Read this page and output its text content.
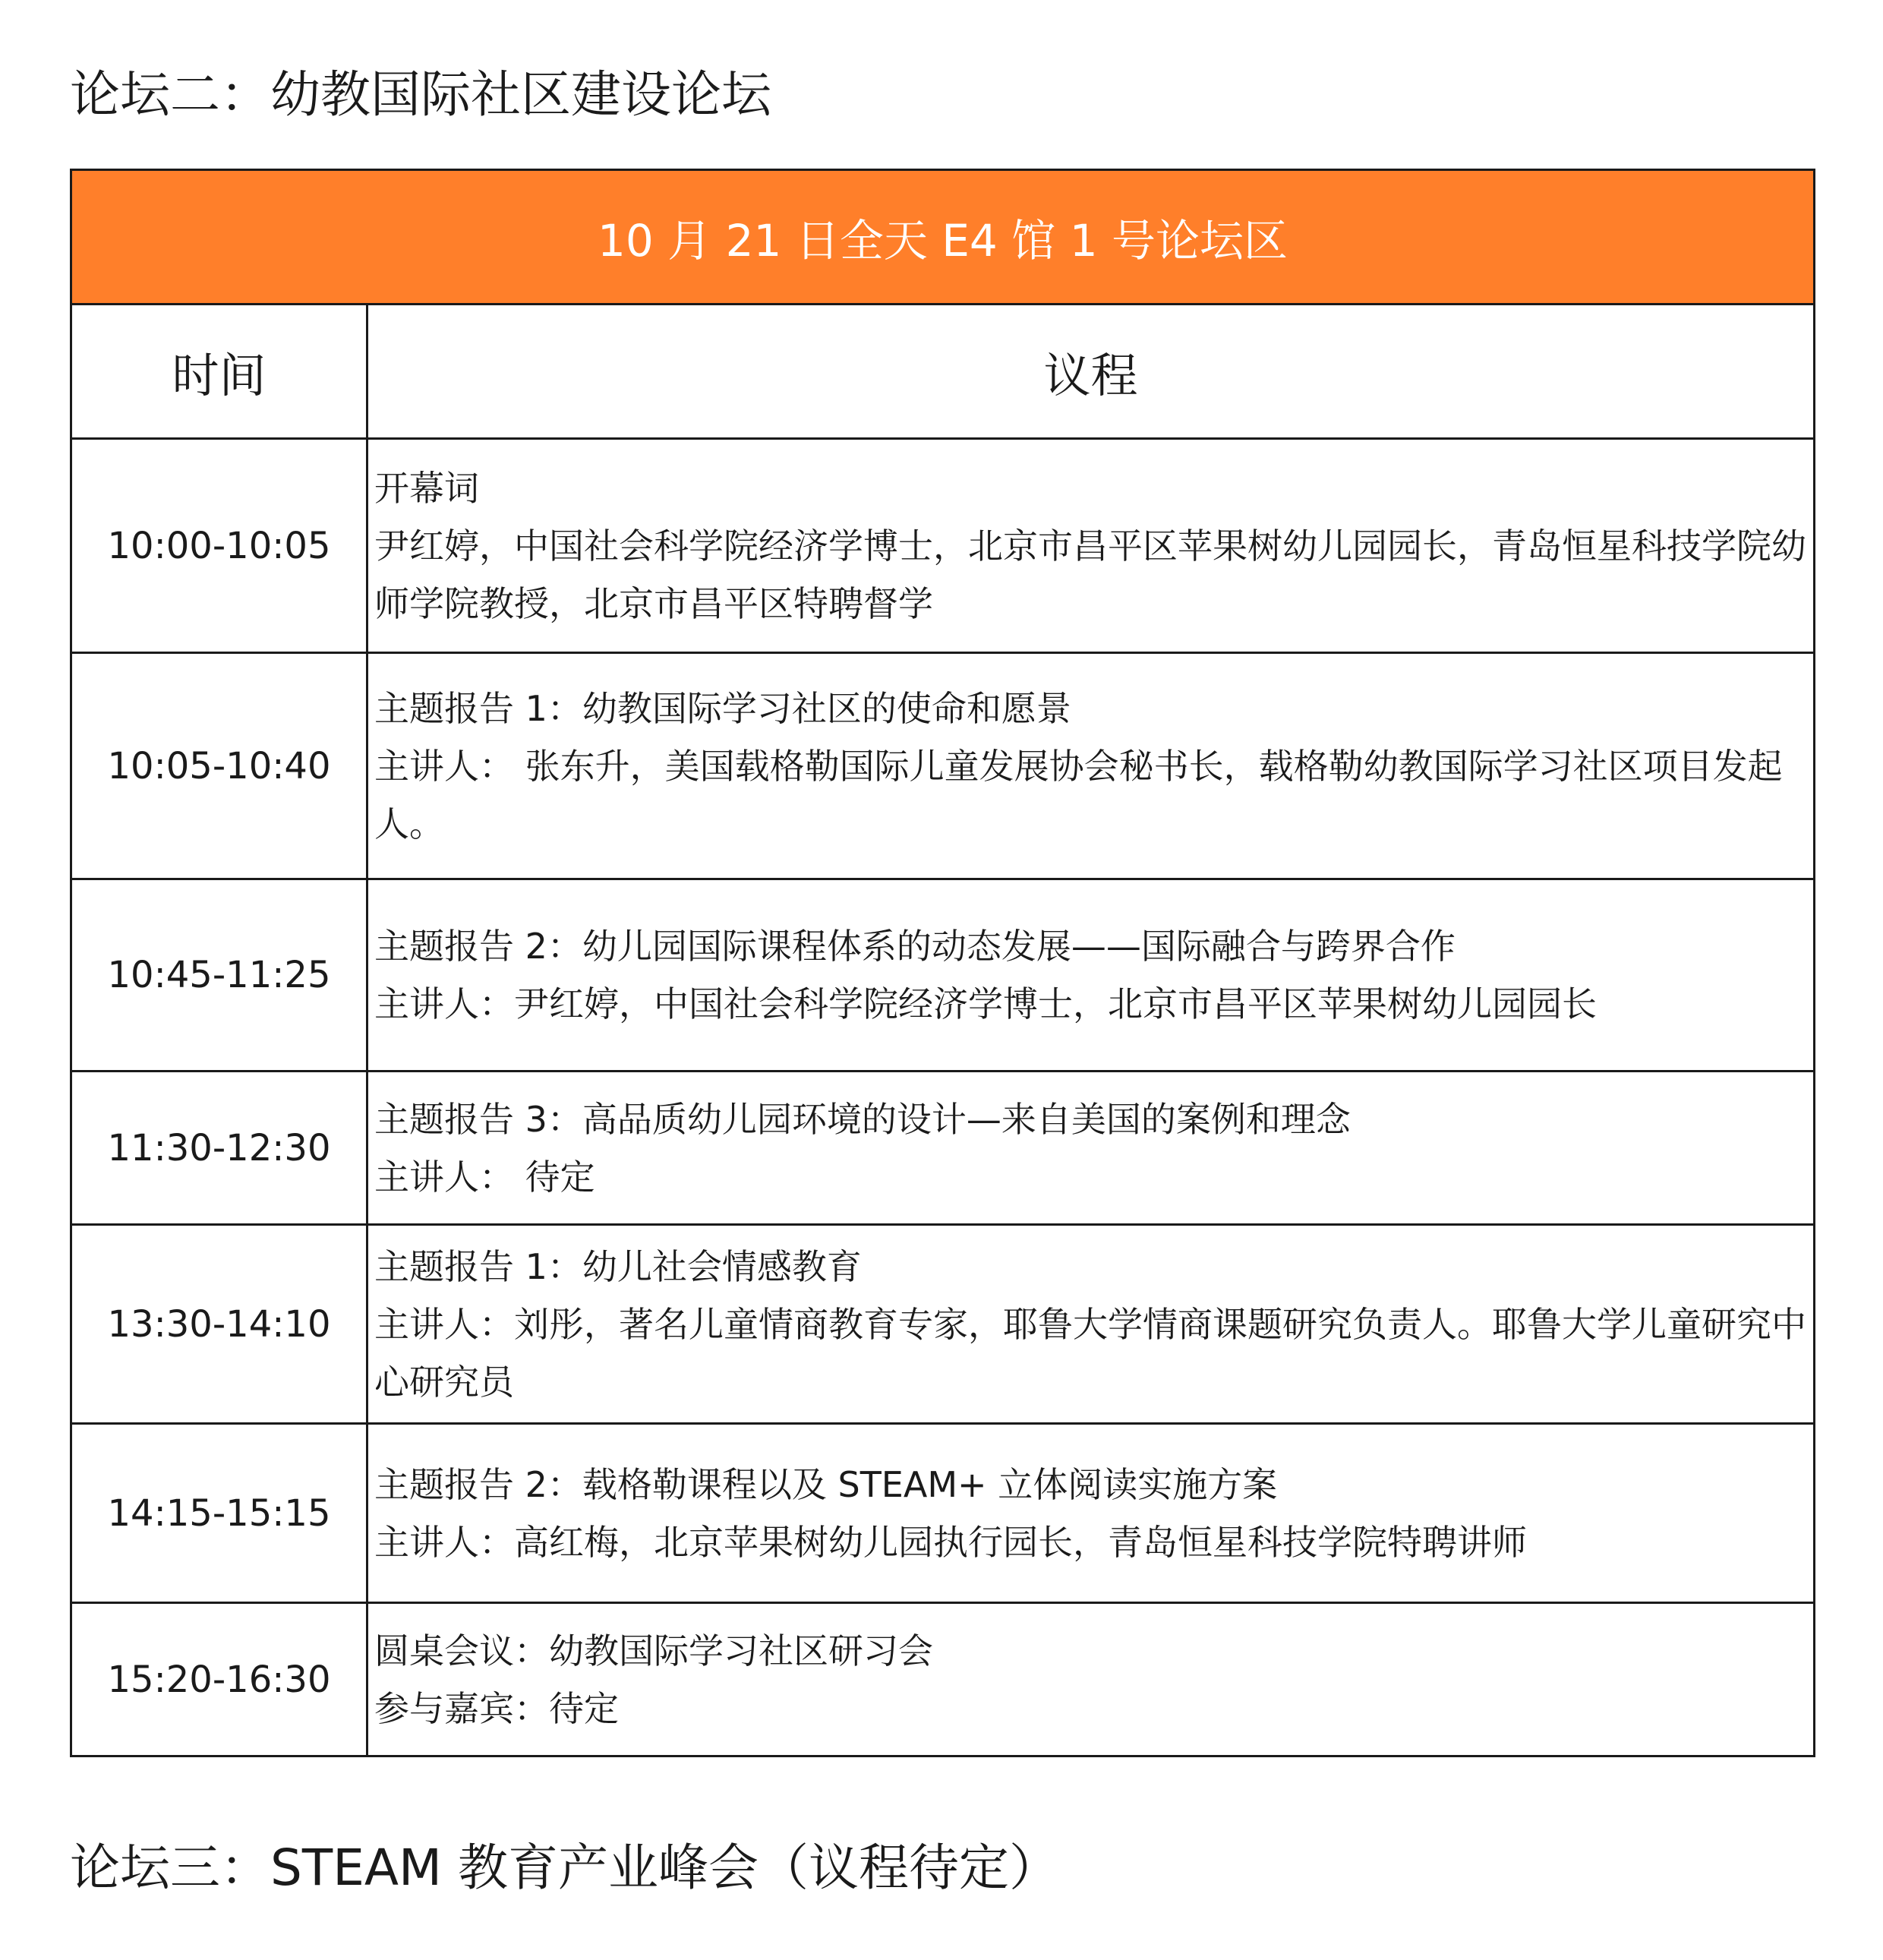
论坛二：幼教国际社区建设论坛
10 月 21 日全天 E4 馆 1 号论坛区	
时间	议程
10:00-10:05	开幕词
尹红婷，中国社会科学院经济学博士，北京市昌平区苹果树幼儿园园长，青岛恒星科技学院幼师学院教授，北京市昌平区特聘督学

10:05-10:40	主题报告 1：幼教国际学习社区的使命和愿景
主讲人： 张东升，美国载格勒国际儿童发展协会秘书长，载格勒幼教国际学习社区项目发起人。

10:45-11:25	主题报告 2：幼儿园国际课程体系的动态发展——国际融合与跨界合作
主讲人：尹红婷，中国社会科学院经济学博士，北京市昌平区苹果树幼儿园园长

11:30-12:30	主题报告 3：高品质幼儿园环境的设计—来自美国的案例和理念
主讲人： 待定

13:30-14:10	主题报告 1：幼儿社会情感教育
主讲人：刘彤，著名儿童情商教育专家，耶鲁大学情商课题研究负责人。耶鲁大学儿童研究中心研究员

14:15-15:15	主题报告 2：载格勒课程以及 STEAM+ 立体阅读实施方案
主讲人：高红梅，北京苹果树幼儿园执行园长，青岛恒星科技学院特聘讲师

15:20-16:30	圆桌会议：幼教国际学习社区研习会
参与嘉宾：待定
论坛三：STEAM 教育产业峰会（议程待定）
